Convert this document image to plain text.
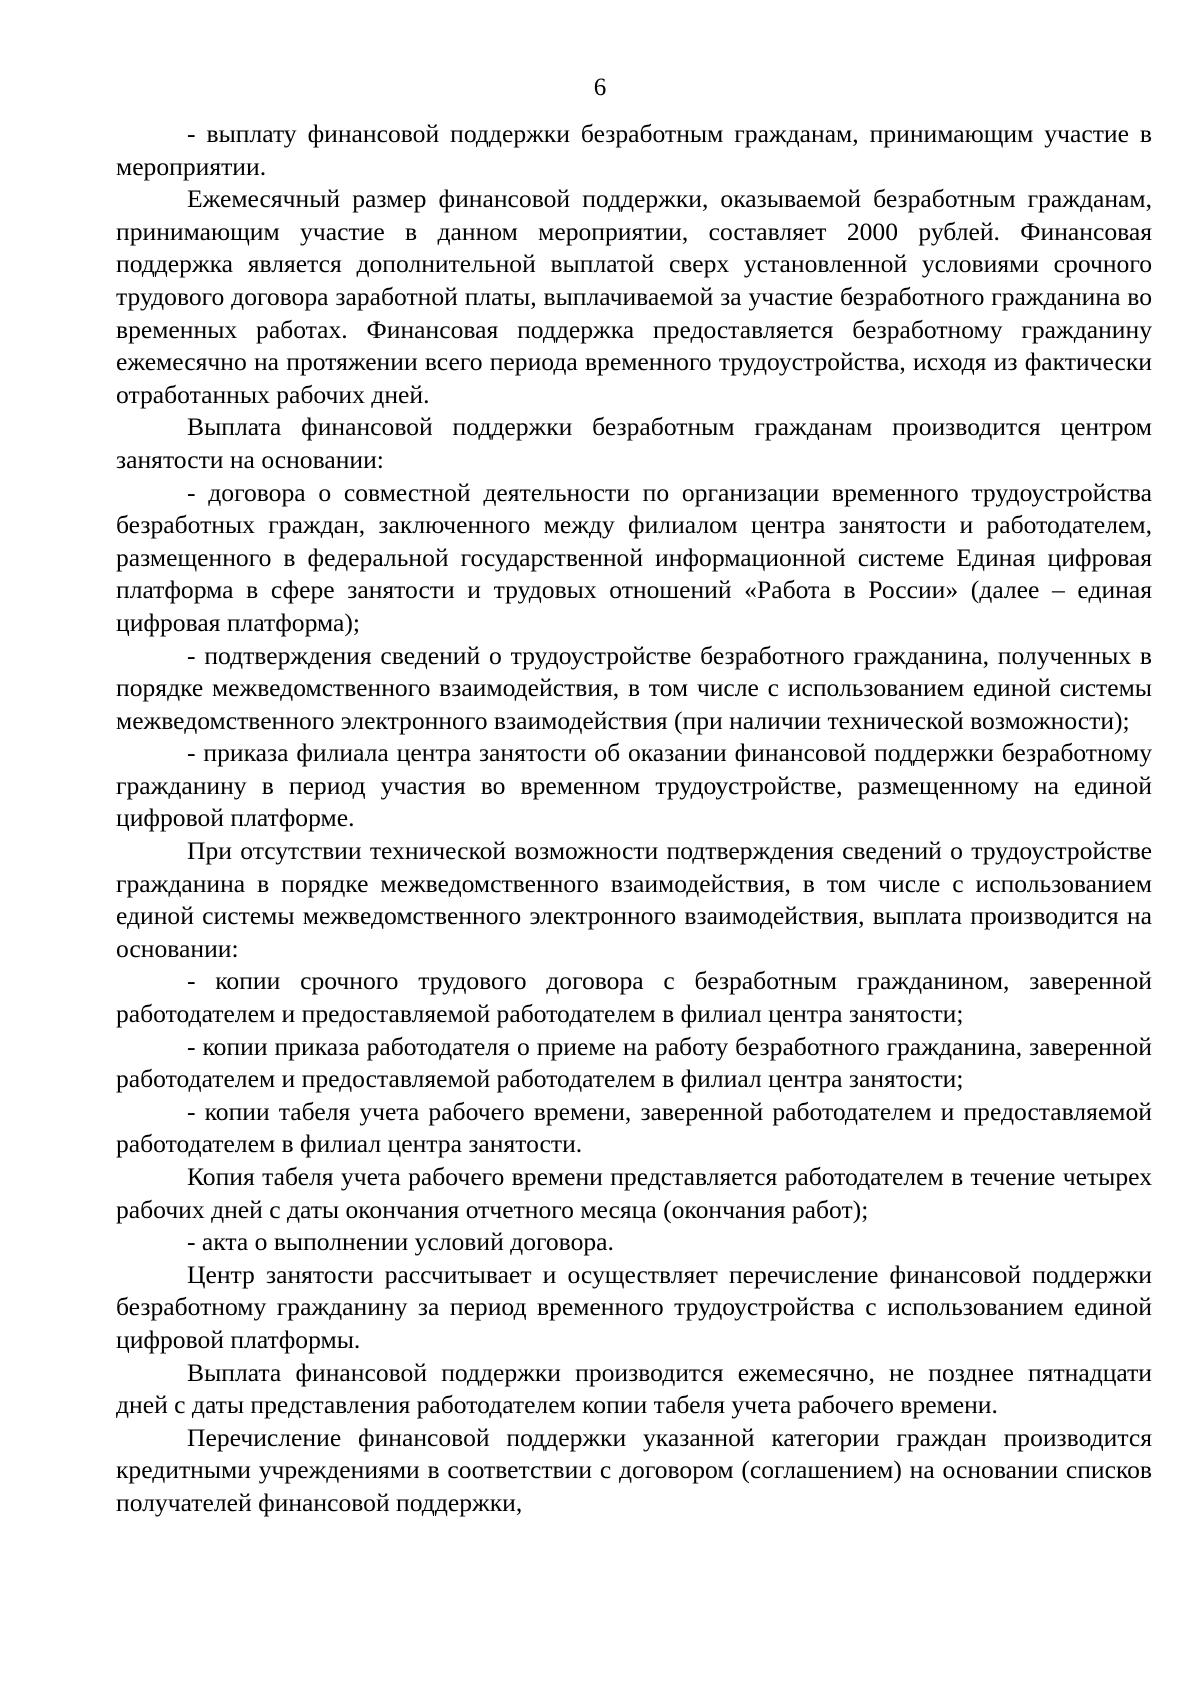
6

- выплату финансовой поддержки безработным гражданам, принимающим участие в мероприятии.

Ежемесячный размер финансовой поддержки, оказываемой безработным гражданам, принимающим участие в данном мероприятии, составляет 2000 рублей. Финансовая поддержка является дополнительной выплатой сверх установленной условиями срочного трудового договора заработной платы, выплачиваемой за участие безработного гражданина во временных работах. Финансовая поддержка предоставляется безработному гражданину ежемесячно на протяжении всего периода временного трудоустройства, исходя из фактически отработанных рабочих дней.

Выплата финансовой поддержки безработным гражданам производится центром занятости на основании:

- договора о совместной деятельности по организации временного трудоустройства безработных граждан, заключенного между филиалом центра занятости и работодателем, размещенного в федеральной государственной информационной системе Единая цифровая платформа в сфере занятости и трудовых отношений «Работа в России» (далее – единая цифровая платформа);

- подтверждения сведений о трудоустройстве безработного гражданина, полученных в порядке межведомственного взаимодействия, в том числе с использованием единой системы межведомственного электронного взаимодействия (при наличии технической возможности);

- приказа филиала центра занятости об оказании финансовой поддержки безработному гражданину в период участия во временном трудоустройстве, размещенному на единой цифровой платформе.

При отсутствии технической возможности подтверждения сведений о трудоустройстве гражданина в порядке межведомственного взаимодействия, в том числе с использованием единой системы межведомственного электронного взаимодействия, выплата производится на основании:

- копии срочного трудового договора с безработным гражданином, заверенной работодателем и предоставляемой работодателем в филиал центра занятости;

- копии приказа работодателя о приеме на работу безработного гражданина, заверенной работодателем и предоставляемой работодателем в филиал центра занятости;

- копии табеля учета рабочего времени, заверенной работодателем и предоставляемой работодателем в филиал центра занятости.

Копия табеля учета рабочего времени представляется работодателем в течение четырех рабочих дней с даты окончания отчетного месяца (окончания работ);

- акта о выполнении условий договора.

Центр занятости рассчитывает и осуществляет перечисление финансовой поддержки безработному гражданину за период временного трудоустройства с использованием единой цифровой платформы.

Выплата финансовой поддержки производится ежемесячно, не позднее пятнадцати дней с даты представления работодателем копии табеля учета рабочего времени.

Перечисление финансовой поддержки указанной категории граждан производится кредитными учреждениями в соответствии с договором (соглашением) на основании списков получателей финансовой поддержки,
